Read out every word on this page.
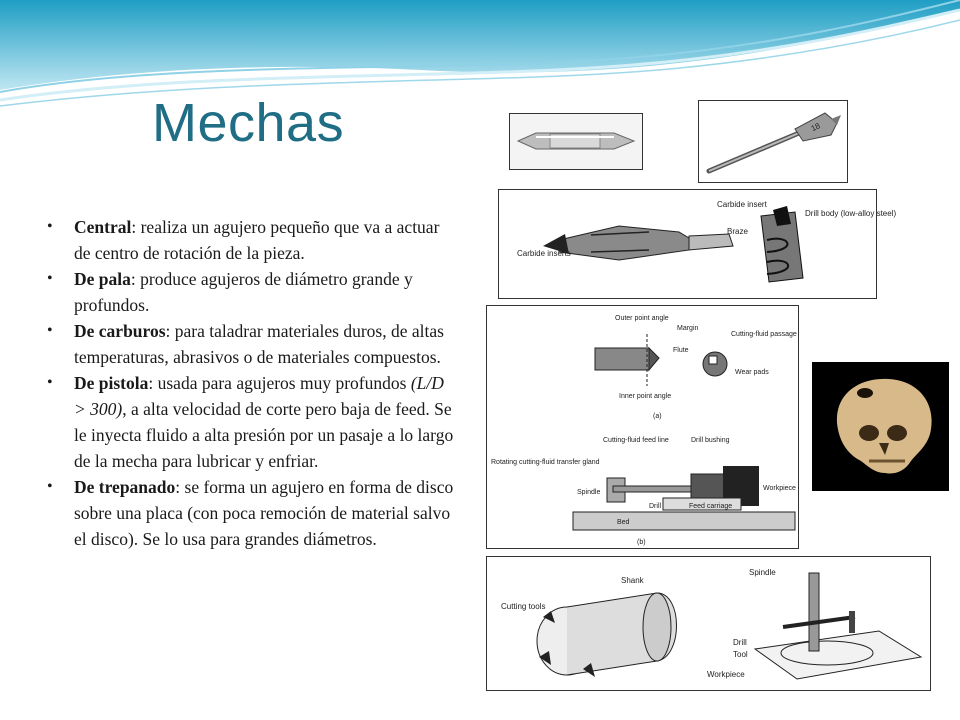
Mechas
• Central: realiza un agujero pequeño que va a actuar de centro de rotación de la pieza.
• De pala: produce agujeros de diámetro grande y profundos.
• De carburos: para taladrar materiales duros, de altas temperaturas, abrasivos o de materiales compuestos.
• De pistola: usada para agujeros muy profundos (L/D > 300), a alta velocidad de corte pero baja de feed. Se le inyecta fluido a alta presión por un pasaje a lo largo de la mecha para lubricar y enfriar.
• De trepanado: se forma un agujero en forma de disco sobre una placa (con poca remoción de material salvo el disco). Se lo usa para grandes diámetros.
18
Carbide inserts
Carbide insert
Braze
Drill body (low-alloy steel)
Outer point angle
Inner point angle
Margin
Flute
Cutting-fluid passage
Wear pads
(a)
Bed
Cutting-fluid feed line	Drill bushing
Rotating cutting-fluid transfer gland
Spindle
Workpiece
Drill	Feed carriage
(b)
Shank
Cutting tools
Spindle
Drill
Tool
Workpiece
